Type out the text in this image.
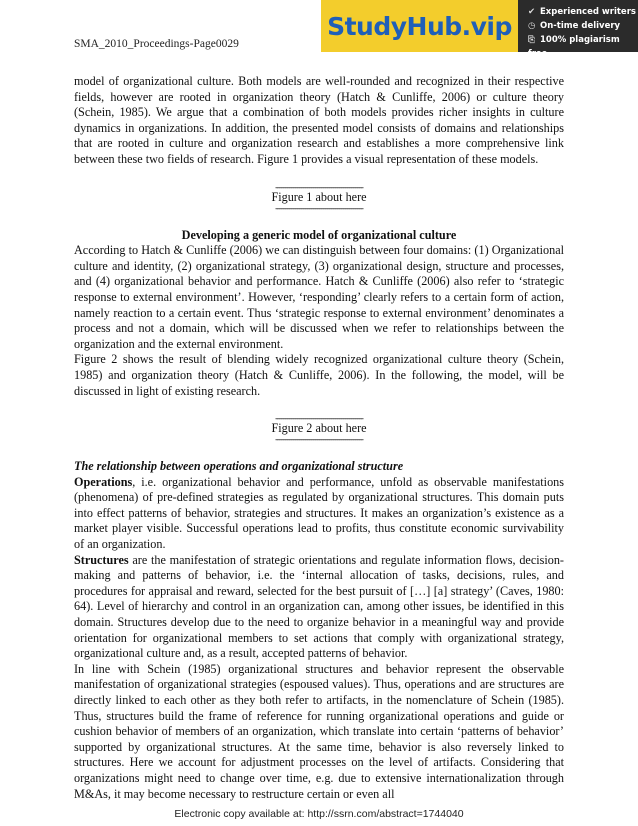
SMA_2010_Proceedings-Page0029
StudyHub.vip	✔ Experienced writers
◷ On-time delivery
⎘ 100% plagiarism free

model of organizational culture. Both models are well-rounded and recognized in their respective fields, however are rooted in organization theory (Hatch & Cunliffe, 2006) or culture theory (Schein, 1985). We argue that a combination of both models provides richer insights in culture dynamics in organizations. In addition, the presented model consists of domains and relationships that are rooted in culture and organization research and establishes a more comprehensive link between these two fields of research. Figure 1 provides a visual representation of these models.

--------------------------------------------
Figure 1 about here
--------------------------------------------
Developing a generic model of organizational culture

According to Hatch & Cunliffe (2006) we can distinguish between four domains: (1) Organizational culture and identity, (2) organizational strategy, (3) organizational design, structure and processes, and (4) organizational behavior and performance. Hatch & Cunliffe (2006) also refer to ‘strategic response to external environment’. However, ‘responding’ clearly refers to a certain form of action, namely reaction to a certain event. Thus ‘strategic response to external environment’ denominates a process and not a domain, which will be discussed when we refer to relationships between the organization and the external environment.

Figure 2 shows the result of blending widely recognized organizational culture theory (Schein, 1985) and organization theory (Hatch & Cunliffe, 2006). In the following, the model, will be discussed in light of existing research.

--------------------------------------------
Figure 2 about here
--------------------------------------------
The relationship between operations and organizational structure

Operations, i.e. organizational behavior and performance, unfold as observable manifestations (phenomena) of pre-defined strategies as regulated by organizational structures. This domain puts into effect patterns of behavior, strategies and structures. It makes an organization’s existence as a market player visible. Successful operations lead to profits, thus constitute economic survivability of an organization.

Structures are the manifestation of strategic orientations and regulate information flows, decision-making and patterns of behavior, i.e. the ‘internal allocation of tasks, decisions, rules, and procedures for appraisal and reward, selected for the best pursuit of […] [a] strategy’ (Caves, 1980: 64). Level of hierarchy and control in an organization can, among other issues, be identified in this domain. Structures develop due to the need to organize behavior in a meaningful way and provide orientation for organizational members to set actions that comply with organizational strategy, organizational culture and, as a result, accepted patterns of behavior.

In line with Schein (1985) organizational structures and behavior represent the observable manifestation of organizational strategies (espoused values). Thus, operations and are structures are directly linked to each other as they both refer to artifacts, in the nomenclature of Schein (1985). Thus, structures build the frame of reference for running organizational operations and guide or cushion behavior of members of an organization, which translate into certain ‘patterns of behavior’ supported by organizational structures. At the same time, behavior is also reversely linked to structures. Here we account for adjustment processes on the level of artifacts. Considering that organizations might need to change over time, e.g. due to extensive internationalization through M&As, it may become necessary to restructure certain or even all

Electronic copy available at: http://ssrn.com/abstract=1744040
